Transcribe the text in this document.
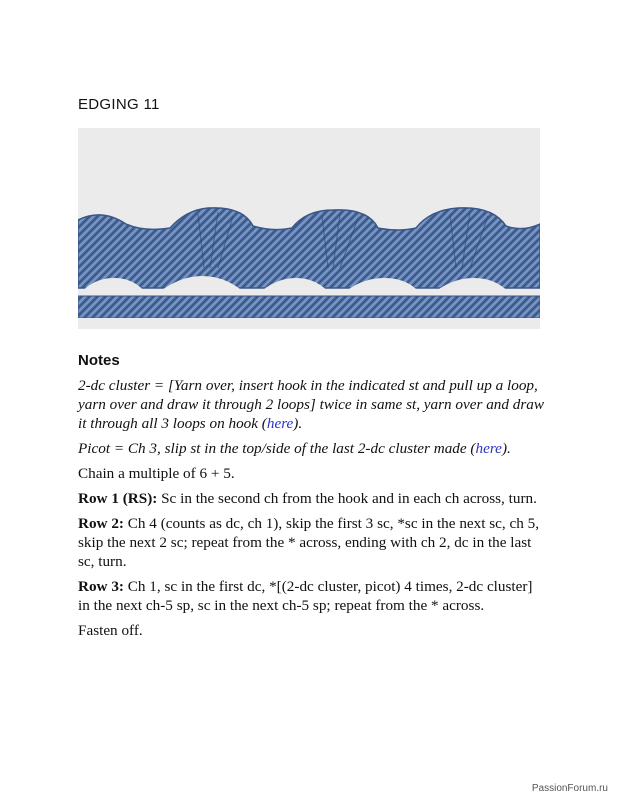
EDGING 11
Notes

2-dc cluster = [Yarn over, insert hook in the indicated st and pull up a loop, yarn over and draw it through 2 loops] twice in same st, yarn over and draw it through all 3 loops on hook (here).

Picot = Ch 3, slip st in the top/side of the last 2-dc cluster made (here).

Chain a multiple of 6 + 5.

Row 1 (RS): Sc in the second ch from the hook and in each ch across, turn.

Row 2: Ch 4 (counts as dc, ch 1), skip the first 3 sc, *sc in the next sc, ch 5, skip the next 2 sc; repeat from the * across, ending with ch 2, dc in the last sc, turn.

Row 3: Ch 1, sc in the first dc, *[(2-dc cluster, picot) 4 times, 2-dc cluster] in the next ch-5 sp, sc in the next ch-5 sp; repeat from the * across.

Fasten off.

PassionForum.ru
